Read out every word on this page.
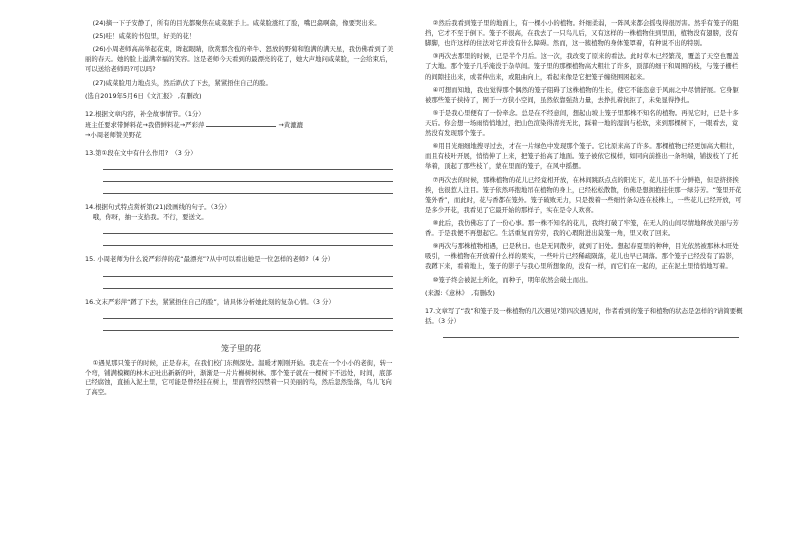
(24)摘一下子安静了，所有的目光都聚焦在咸菜脏手上。咸菜脸涨红了脸，嘴巴翕啊翕，像要哭出来。

(25)哇！咸菜的书包里，好美的花！

(26)小周老师高高举起花束，眸起眼睛，欣赏那含苞的牵牛、怒放的野菊和饱满的满天星，我仿佛看到了美丽的春天。她的脸上溢满幸福的笑容。这是老师今天看到的最漂亮的花了，她大声地问咸菜脸，一会给束后，可以送给老师吗?可以吗?

(27)咸菜脸用力地点头，然后趴伏了下去，紧紧捂住自己的脸。

(选自2019年5月6日《文汇报》 ,有删改)

12.根据文章内容，补全故事情节。（1分）

班主任要求带鲜料花→我借鲜料花→严彩萍	→黄漉漉

→小周老师赞美野花

13.第①段在文中有什么作用?　（3 分）

14.根据句式特点赏析第(21)段画线的句子。（3分）

哦，你呀，抽一支拾我。不行，要送文。

15. 小周老师为什么说严彩萍的花“最漂亮”?从中可以看出她是一位怎样的老师?（4 分）

16.文末严彩萍“蹲了下去，紧紧捂住自己的脸”，请具体分析她此刻的复杂心情。（3 分）

笼子里的花

①遇见那只笼子的时候，正是春末，在我们校门东侧深处。温暖才刚刚开始。我走在一个小小的老街，转一个弯，铺满模糊的林木正吐出新新的叶，渐渐是一片片槲树树林。那个笼子就在一棵树下不远处，时间，底部已经腐蚀，直插入泥土里，它可能是曾经挂在树上，里面曾经囚禁着一只美丽的鸟，然后忽然坠落，鸟儿飞向了高空。

②然后我看到笼子里的地面上，有一棵小小的植物。纤细柔弱，一阵风来都会摇曳得很厉害。然乎有笼子的阻挡，它才不至于倒下。笼子不很高，在我去了一只鸟儿后，又有这样的一株植物住到里面，植物没有翅膀，没有脚脚，也许这样的住法对它并没有什么障碍。然而，这一簇植物的身体笼罩着，有种说不出的特别。

③再次去那里的时候，已是半个月后。这一次，我改变了原来的看法。此时草木已经繁茂，覆盖了天空也覆盖了大地。那个笼子几乎淹没于杂草间。笼子里的那棵植物高大粗壮了许多，顶部的细干和周围的枝，与笼子栅栏的间隙挂出来，或者伸出来，或阻曲向上，看起来像是它把笼子缠绕围困起来。

④可想而知地，我也觉得那个偶然的笼子阻碍了这株植物的生长，使它不能恣意于风雨之中尽情舒展。它身躯被那些笼子挟持了，囿于一方狭小空间，虽然依靠强劲力量，去挣扎着抗拒了，未免显得挣扎。

⑤于是我心里便有了一份牵念。总是在不经意间，想起山坡上笼子里那株不知名的植物。再见它时，已是十多天后。你会想一场雨悄悄地过，把山色渲染得清亮无比，踩着一地的湿润与松软，来到那棵树下，一眼看去，竟然没有发现那个笼子。

⑥用目光细细地搜寻过去，才在一片绿色中发现那个笼子。它比原来高了许多。那棵植物已经更加高大粗壮，而且有枝叶开展，悄悄伸了上来，把笼子抬高了地面。笼子被依它模样，如同向前推出一条坦端，铺拔枝丫了托举着，顶起了那些枝丫，蒙在里面的笼子，在风中摇摆。

⑦再次去的时候，那株植物的花儿已经竟相开放，在林间跳跃点点的阳光下，花儿虽不十分鲜艳，但是挤挤挨挨，也很惹人注目。笼子依然环抱地吊在植物的身上，已经松松散散，仿佛是想拥抱挂住那一绿芬芳。“笼里开花笼外香”，而此时，花与香都在笼外。笼子破败无力，只是拨着一些细竹条勾连在枝株上，一些花儿已经开放，可是多少开花，我看见了它最开始的那样子，实在是令人欢喜。

⑧此后，我仿佛忘了了一份心事。那一株不知名的花儿，我终打破了牢笼，在无人的山间尽情地释放美丽与芳香。于是我便不再想起它。生活重复而劳劳，我的心瑕附进出莫笼一角，里又收了回来。

⑨再次与那株植物相遇，已是秋日。也是无同散步，就到了旧处。想起春夏里的种种，目光依然被那林木旺处吸引，一株植物在开放着什么样的果实，一些叶片已经稀疏陨落，花儿也早已凋落。那个笼子已经没有了踪影，我蹲下来，看着地上，笼子的影子与我心里所想象的，没有一样，而它们在一起的，正在泥土里悄悄地写着。

⑩笼子终会被泥土所化，而种子，明年依然会破土而出。

(来源:《意林》　,有删改)

17.文章写了“我”和笼子及一株植物的几次遇见?第四次遇见时，作者看到的笼子和植物的状态是怎样的?请简要概括。（3 分）
